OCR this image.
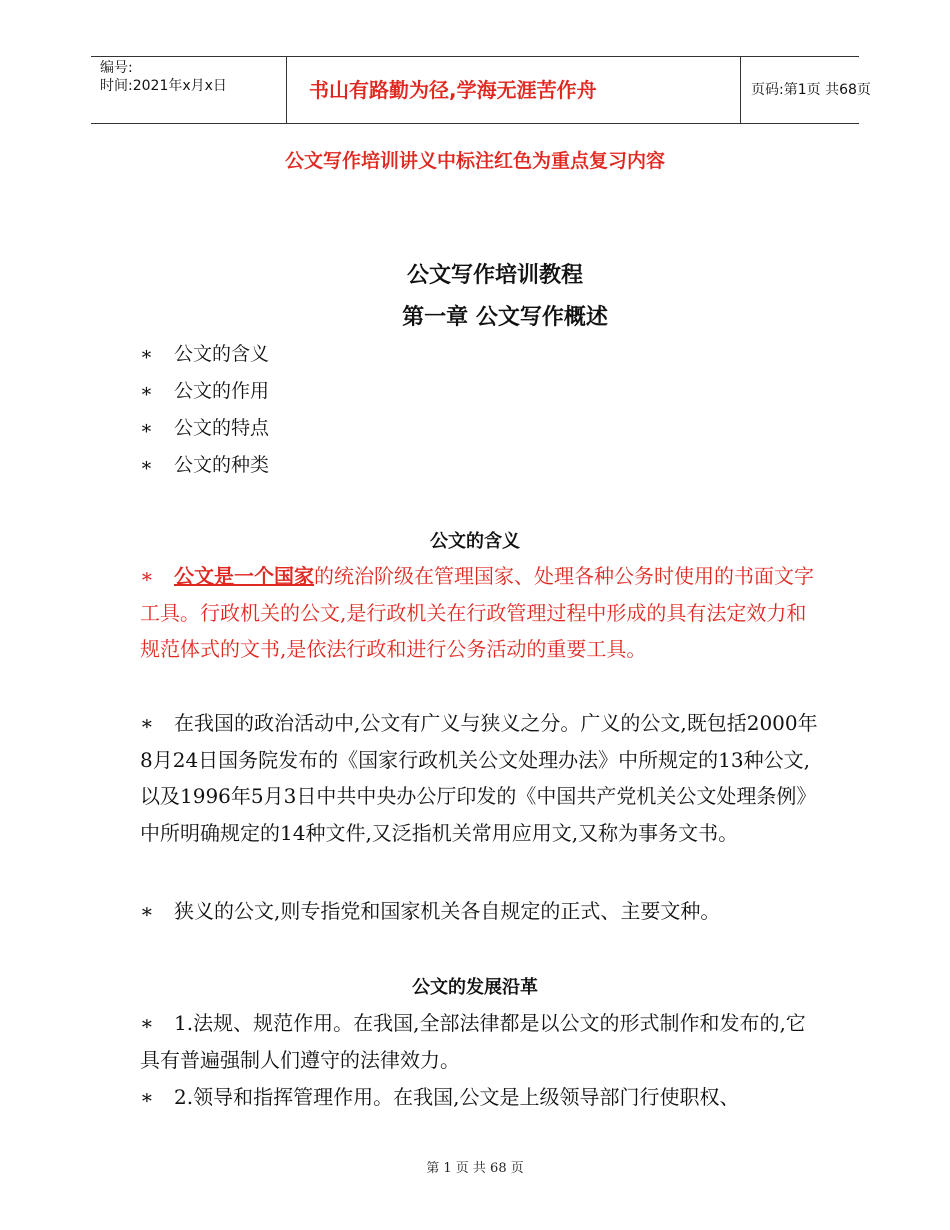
编号:
时间:2021年x月x日	书山有路勤为径,学海无涯苦作舟	页码:第1页 共68页
公文写作培训讲义中标注红色为重点复习内容
公文写作培训教程
第一章 公文写作概述
∗ 公文的含义
∗ 公文的作用
∗ 公文的特点
∗ 公文的种类
公文的含义
∗ 公文是一个国家的统治阶级在管理国家、处理各种公务时使用的书面文字工具。行政机关的公文,是行政机关在行政管理过程中形成的具有法定效力和规范体式的文书,是依法行政和进行公务活动的重要工具。
∗ 在我国的政治活动中,公文有广义与狭义之分。广义的公文,既包括2000年8月24日国务院发布的《国家行政机关公文处理办法》中所规定的13种公文,以及1996年5月3日中共中央办公厅印发的《中国共产党机关公文处理条例》中所明确规定的14种文件,又泛指机关常用应用文,又称为事务文书。
∗ 狭义的公文,则专指党和国家机关各自规定的正式、主要文种。
公文的发展沿革
∗ 1.法规、规范作用。在我国,全部法律都是以公文的形式制作和发布的,它具有普遍强制人们遵守的法律效力。
∗ 2.领导和指挥管理作用。在我国,公文是上级领导部门行使职权、
第 1 页 共 68 页
